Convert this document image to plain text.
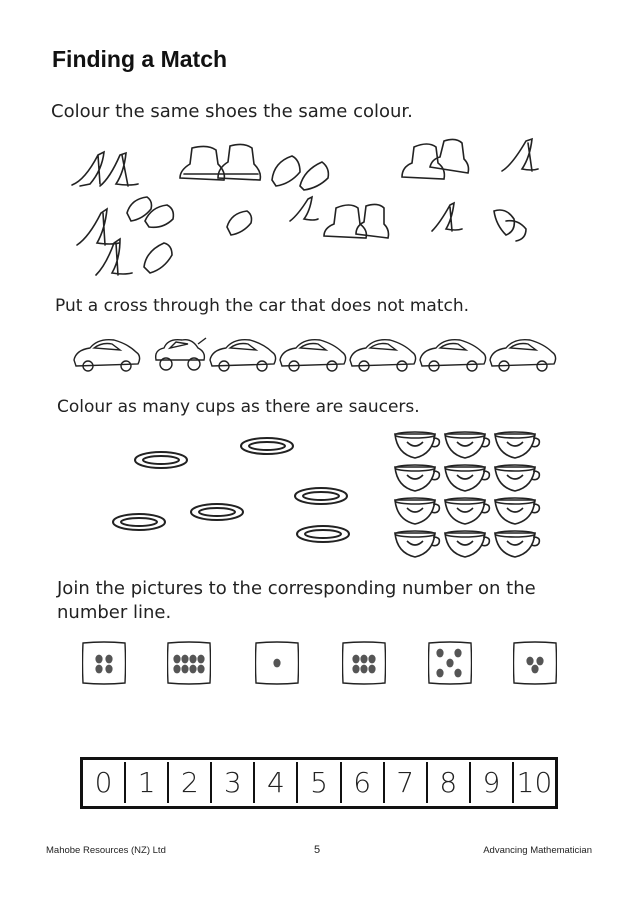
Finding a Match
Colour the same shoes the same colour.
Put a cross through the car that does not match.
Colour as many cups as there are saucers.
Join the pictures to the corresponding number on the number line.
0 1 2 3 4 5 6 7 8 9 10
Mahobe Resources (NZ) Ltd	5	Advancing Mathematician
